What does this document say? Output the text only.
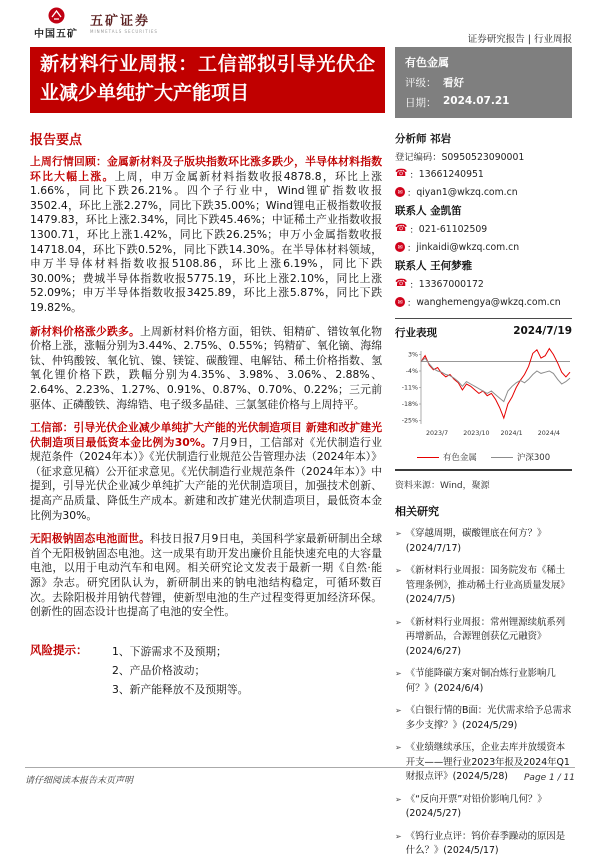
中国五矿
五矿证券
MINMETALS SECURITIES
证券研究报告 | 行业周报
新材料行业周报：工信部拟引导光伏企业减少单纯扩大产能项目
有色金属
评级： 看好
日期： 2024.07.21
报告要点
上周行情回顾：金属新材料及子版块指数环比涨多跌少，半导体材料指数环比大幅上涨。上周，申万金属新材料指数收报4878.8，环比上涨1.66%，同比下跌26.21%。四个子行业中，Wind锂矿指数收报3502.4，环比上涨2.27%，同比下跌35.00%；Wind锂电正极指数收报1479.83，环比上涨2.34%，同比下跌45.46%；中证稀土产业指数收报1300.71，环比上涨1.42%，同比下跌26.25%；申万小金属指数收报14718.04，环比下跌0.52%，同比下跌14.30%。在半导体材料领域，申万半导体材料指数收报5108.86，环比上涨6.19%，同比下跌30.00%；费城半导体指数收报5775.19，环比上涨2.10%，同比上涨52.09%；申万半导体指数收报3425.89，环比上涨5.87%，同比下跌19.82%。
新材料价格涨少跌多。上周新材料价格方面，钼铁、钼精矿、镨钕氧化物价格上涨，涨幅分别为3.44%、2.75%、0.55%；钨精矿、氧化镝、海绵钛、仲钨酸铵、氧化钪、镍、镁锭、碳酸锂、电解钴、稀土价格指数、氢氧化锂价格下跌，跌幅分别为4.35%、3.98%、3.06%、2.88%、2.64%、2.23%、1.27%、0.91%、0.87%、0.70%、0.22%；三元前驱体、正磷酸铁、海绵锆、电子级多晶硅、三氯氢硅价格与上周持平。
工信部：引导光伏企业减少单纯扩大产能的光伏制造项目 新建和改扩建光伏制造项目最低资本金比例为30%。7月9日，工信部对《光伏制造行业规范条件（2024年本）》《光伏制造行业规范公告管理办法（2024年本）》（征求意见稿）公开征求意见。《光伏制造行业规范条件（2024年本）》中提到，引导光伏企业减少单纯扩大产能的光伏制造项目，加强技术创新、提高产品质量、降低生产成本。新建和改扩建光伏制造项目，最低资本金比例为30%。
无阳极钠固态电池面世。科技日报7月9日电，美国科学家最新研制出全球首个无阳极钠固态电池。这一成果有助开发出廉价且能快速充电的大容量电池，以用于电动汽车和电网。相关研究论文发表于最新一期《自然·能源》杂志。研究团队认为，新研制出来的钠电池结构稳定，可循环数百次。去除阳极并用钠代替锂，使新型电池的生产过程变得更加经济环保。创新性的固态设计也提高了电池的安全性。
风险提示：	1、下游需求不及预期；
2、产品价格波动；
3、新产能释放不及预期等。
分析师 祁岩
登记编码：S0950523090001
☎ ： 13661240951
✉ ： qiyan1@wkzq.com.cn
联系人 金凯笛
☎ ： 021-61102509
✉ ： jinkaidi@wkzq.com.cn
联系人 王何梦雅
☎ ： 13367000172
✉ ： wanghemengya@wkzq.com.cn
行业表现	2024/7/19
3%
-4%
-11%
-18%
-25%
2023/7 2023/10 2024/1 2024/4
有色金属	沪深300
资料来源：Wind，聚源
相关研究
➢ 《穿越周期，碳酸锂底在何方？》(2024/7/17)
➢ 《新材料行业周报：国务院发布《稀土管理条例》，推动稀土行业高质量发展》(2024/7/5)
➢ 《新材料行业周报：常州锂源续航系列再增新品，合源锂创获亿元融资》(2024/6/27)
➢ 《节能降碳方案对铜冶炼行业影响几何？》(2024/6/4)
➢ 《白银行情的B面：光伏需求给予总需求多少支撑？》(2024/5/29)
➢ 《业绩继续承压，企业去库并放缓资本开支——锂行业2023年报及2024年Q1财报点评》(2024/5/28)
➢ 《“反向开票”对铅价影响几何？》(2024/5/27)
➢ 《钨行业点评：钨价春季躁动的原因是什么？》(2024/5/17)
请仔细阅读本报告末页声明	Page 1 / 11
